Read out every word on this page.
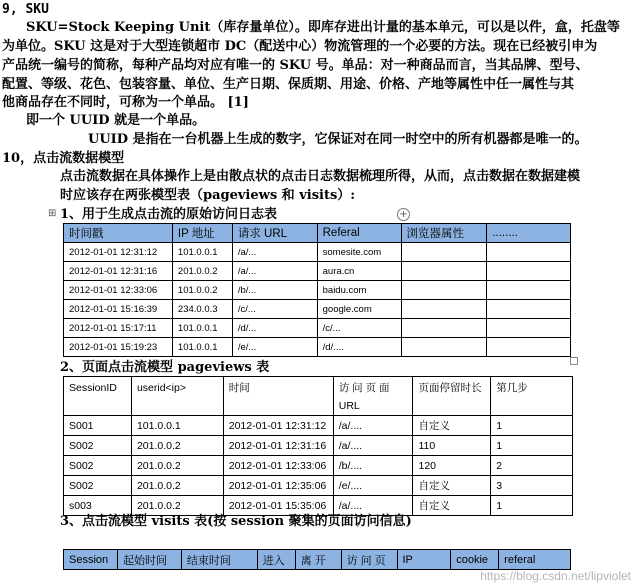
9, SKU
SKU=Stock Keeping Unit（库存量单位）。即库存进出计量的基本单元，可以是以件，盒，托盘等
为单位。SKU 这是对于大型连锁超市 DC（配送中心）物流管理的一个必要的方法。现在已经被引申为
产品统一编号的简称，每种产品均对应有唯一的 SKU 号。单品：对一种商品而言，当其品牌、型号、
配置、等级、花色、包装容量、单位、生产日期、保质期、用途、价格、产地等属性中任一属性与其
他商品存在不同时，可称为一个单品。 [1]
即一个 UUID 就是一个单品。
UUID 是指在一台机器上生成的数字，它保证对在同一时空中的所有机器都是唯一的。
10，点击流数据模型
点击流数据在具体操作上是由散点状的点击日志数据梳理所得，从而，点击数据在数据建模
时应该存在两张模型表（pageviews 和 visits）:
⊞	+
1、用于生成点击流的原始访问日志表
时间戳	IP 地址	请求 URL	Referal	浏览器属性	........
2012-01-01 12:31:12	101.0.0.1	/a/...	somesite.com		
2012-01-01 12:31:16	201.0.0.2	/a/...	aura.cn		
2012-01-01 12:33:06	101.0.0.2	/b/...	baidu.com		
2012-01-01 15:16:39	234.0.0.3	/c/...	google.com		
2012-01-01 15:17:11	101.0.0.1	/d/...	/c/...		
2012-01-01 15:19:23	101.0.0.1	/e/...	/d/....		
2、页面点击流模型 pageviews 表
SessionID	userid<ip>	时间	访 问 页 面 URL	页面停留时长	第几步
S001	101.0.0.1	2012-01-01 12:31:12	/a/....	自定义	1
S002	201.0.0.2	2012-01-01 12:31:16	/a/....	110	1
S002	201.0.0.2	2012-01-01 12:33:06	/b/....	120	2
S002	201.0.0.2	2012-01-01 12:35:06	/e/....	自定义	3
s003	201.0.0.2	2012-01-01 15:35:06	/a/....	自定义	1
3、点击流模型 visits 表(按 session 聚集的页面访问信息)
Session	起始时间	结束时间	进入	离 开	访 问 页	IP	cookie	referal
https://blog.csdn.net/lipviolet
